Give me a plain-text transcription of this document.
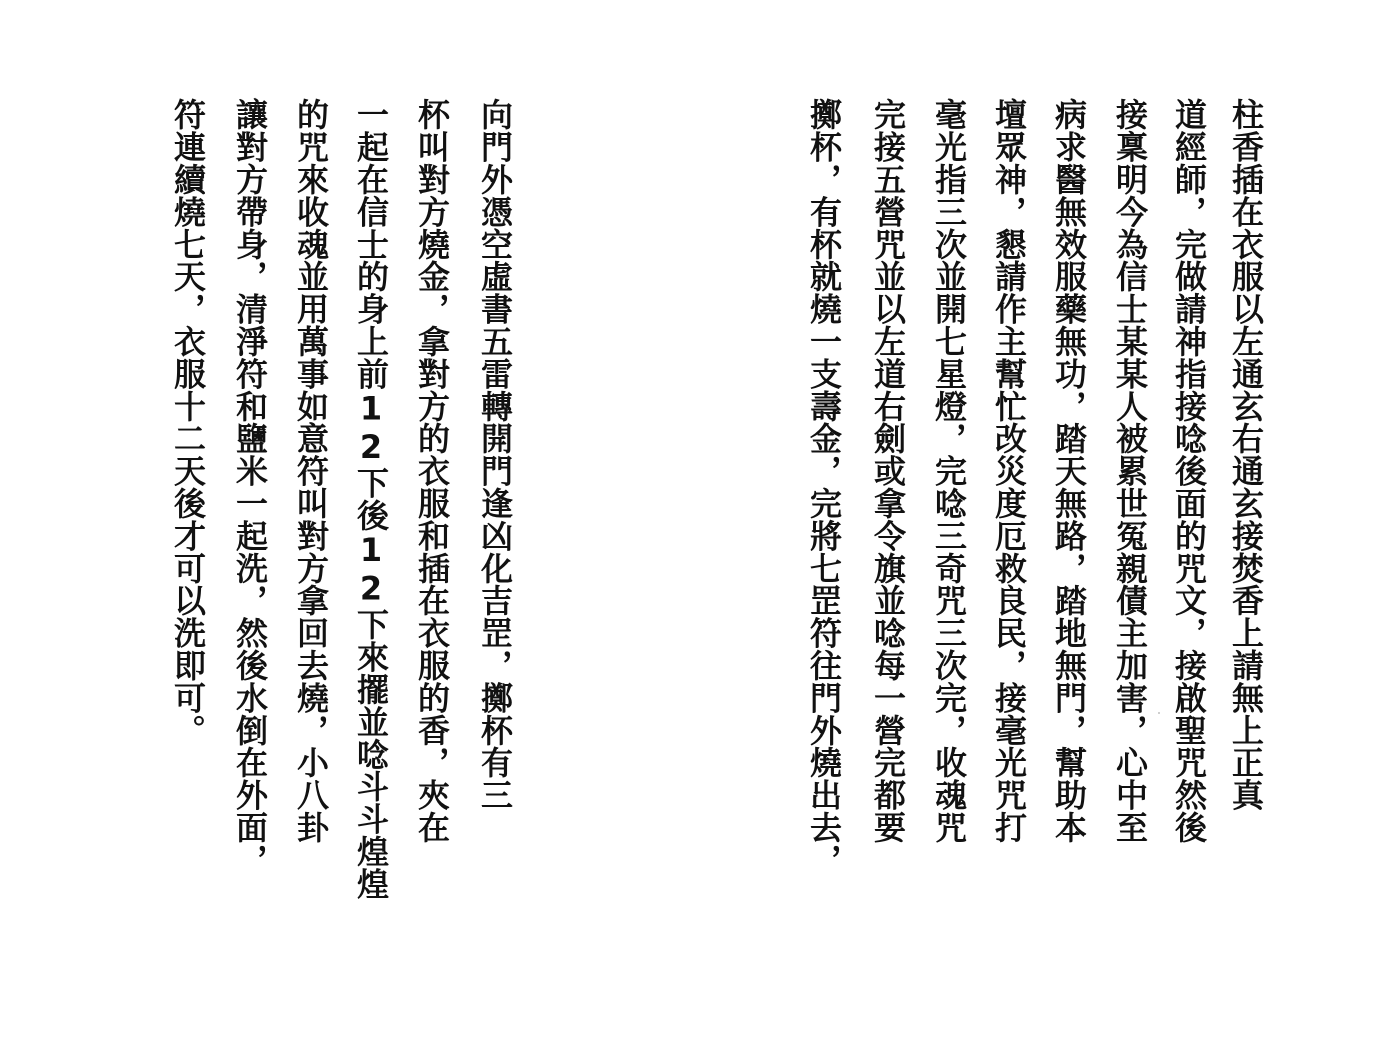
柱香插在衣服以左通玄右通玄接焚香上請無上正真
道經師，完做請神指接唸後面的咒文，接啟聖咒然後
接稟明今為信士某某人被累世冤親債主加害，心中至
病求醫無效服藥無功，踏天無路，踏地無門，幫助本
壇眾神，懇請作主幫忙改災度厄救良民，接毫光咒打
毫光指三次並開七星燈，完唸三奇咒三次完，收魂咒
完接五營咒並以左道右劍或拿令旗並唸每一營完都要
擲杯，有杯就燒一支壽金，完將七罡符往門外燒出去，
向門外憑空虛書五雷轉開門逢凶化吉罡，擲杯有三
杯叫對方燒金，拿對方的衣服和插在衣服的香，夾在
一起在信士的身上前12下後12下來擺並唸斗斗煌煌
的咒來收魂並用萬事如意符叫對方拿回去燒，小八卦
讓對方帶身，清淨符和鹽米一起洗，然後水倒在外面，
符連續燒七天，衣服十二天後才可以洗即可。
